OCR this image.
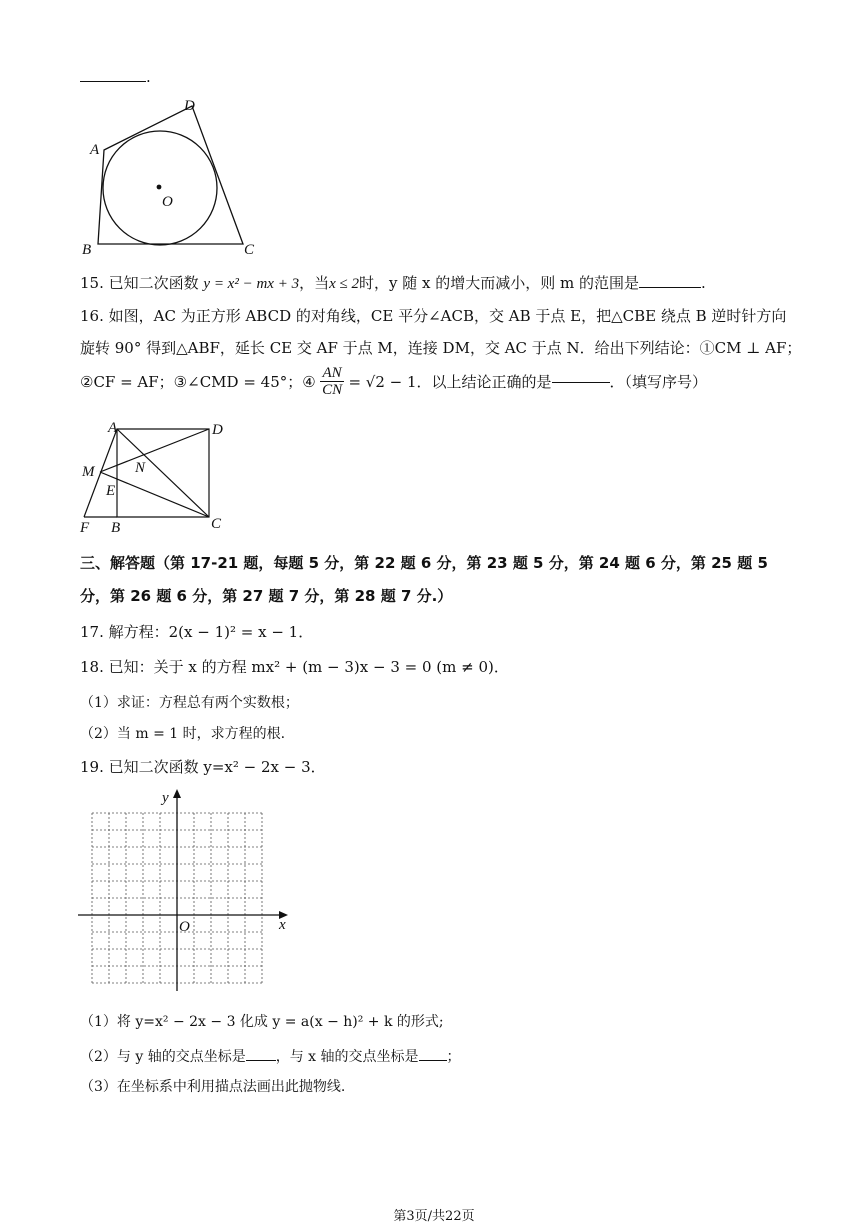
.
A
D
O
B	C
15. 已知二次函数 y = x² − mx + 3，当x ≤ 2时，y 随 x 的增大而减小，则 m 的范围是	.
16. 如图，AC 为正方形 ABCD 的对角线，CE 平分∠ACB，交 AB 于点 E，把△CBE 绕点 B 逆时针方向
旋转 90° 得到△ABF，延长 CE 交 AF 于点 M，连接 DM，交 AC 于点 N．给出下列结论：①CM ⊥ AF；
②CF = AF；③∠CMD = 45°；④ $\frac{AN}{CN} = √2 - 1$．以上结论正确的是	．（填写序号）
A	D
M	N
E
F B	C
三、解答题（第 17-21 题，每题 5 分，第 22 题 6 分，第 23 题 5 分，第 24 题 6 分，第 25 题 5
分，第 26 题 6 分，第 27 题 7 分，第 28 题 7 分.）
17. 解方程：2(x − 1)² = x − 1．
18. 已知：关于 x 的方程 mx² + (m − 3)x − 3 = 0 (m ≠ 0)．
（1）求证：方程总有两个实数根；
（2）当 m = 1 时，求方程的根.
19. 已知二次函数 y=x² − 2x − 3．
x
y
O
（1）将 y=x² − 2x − 3 化成 y = a(x − h)² + k 的形式;
（2）与 y 轴的交点坐标是 ，与 x 轴的交点坐标是 ；
（3）在坐标系中利用描点法画出此抛物线.
第3页/共22页
